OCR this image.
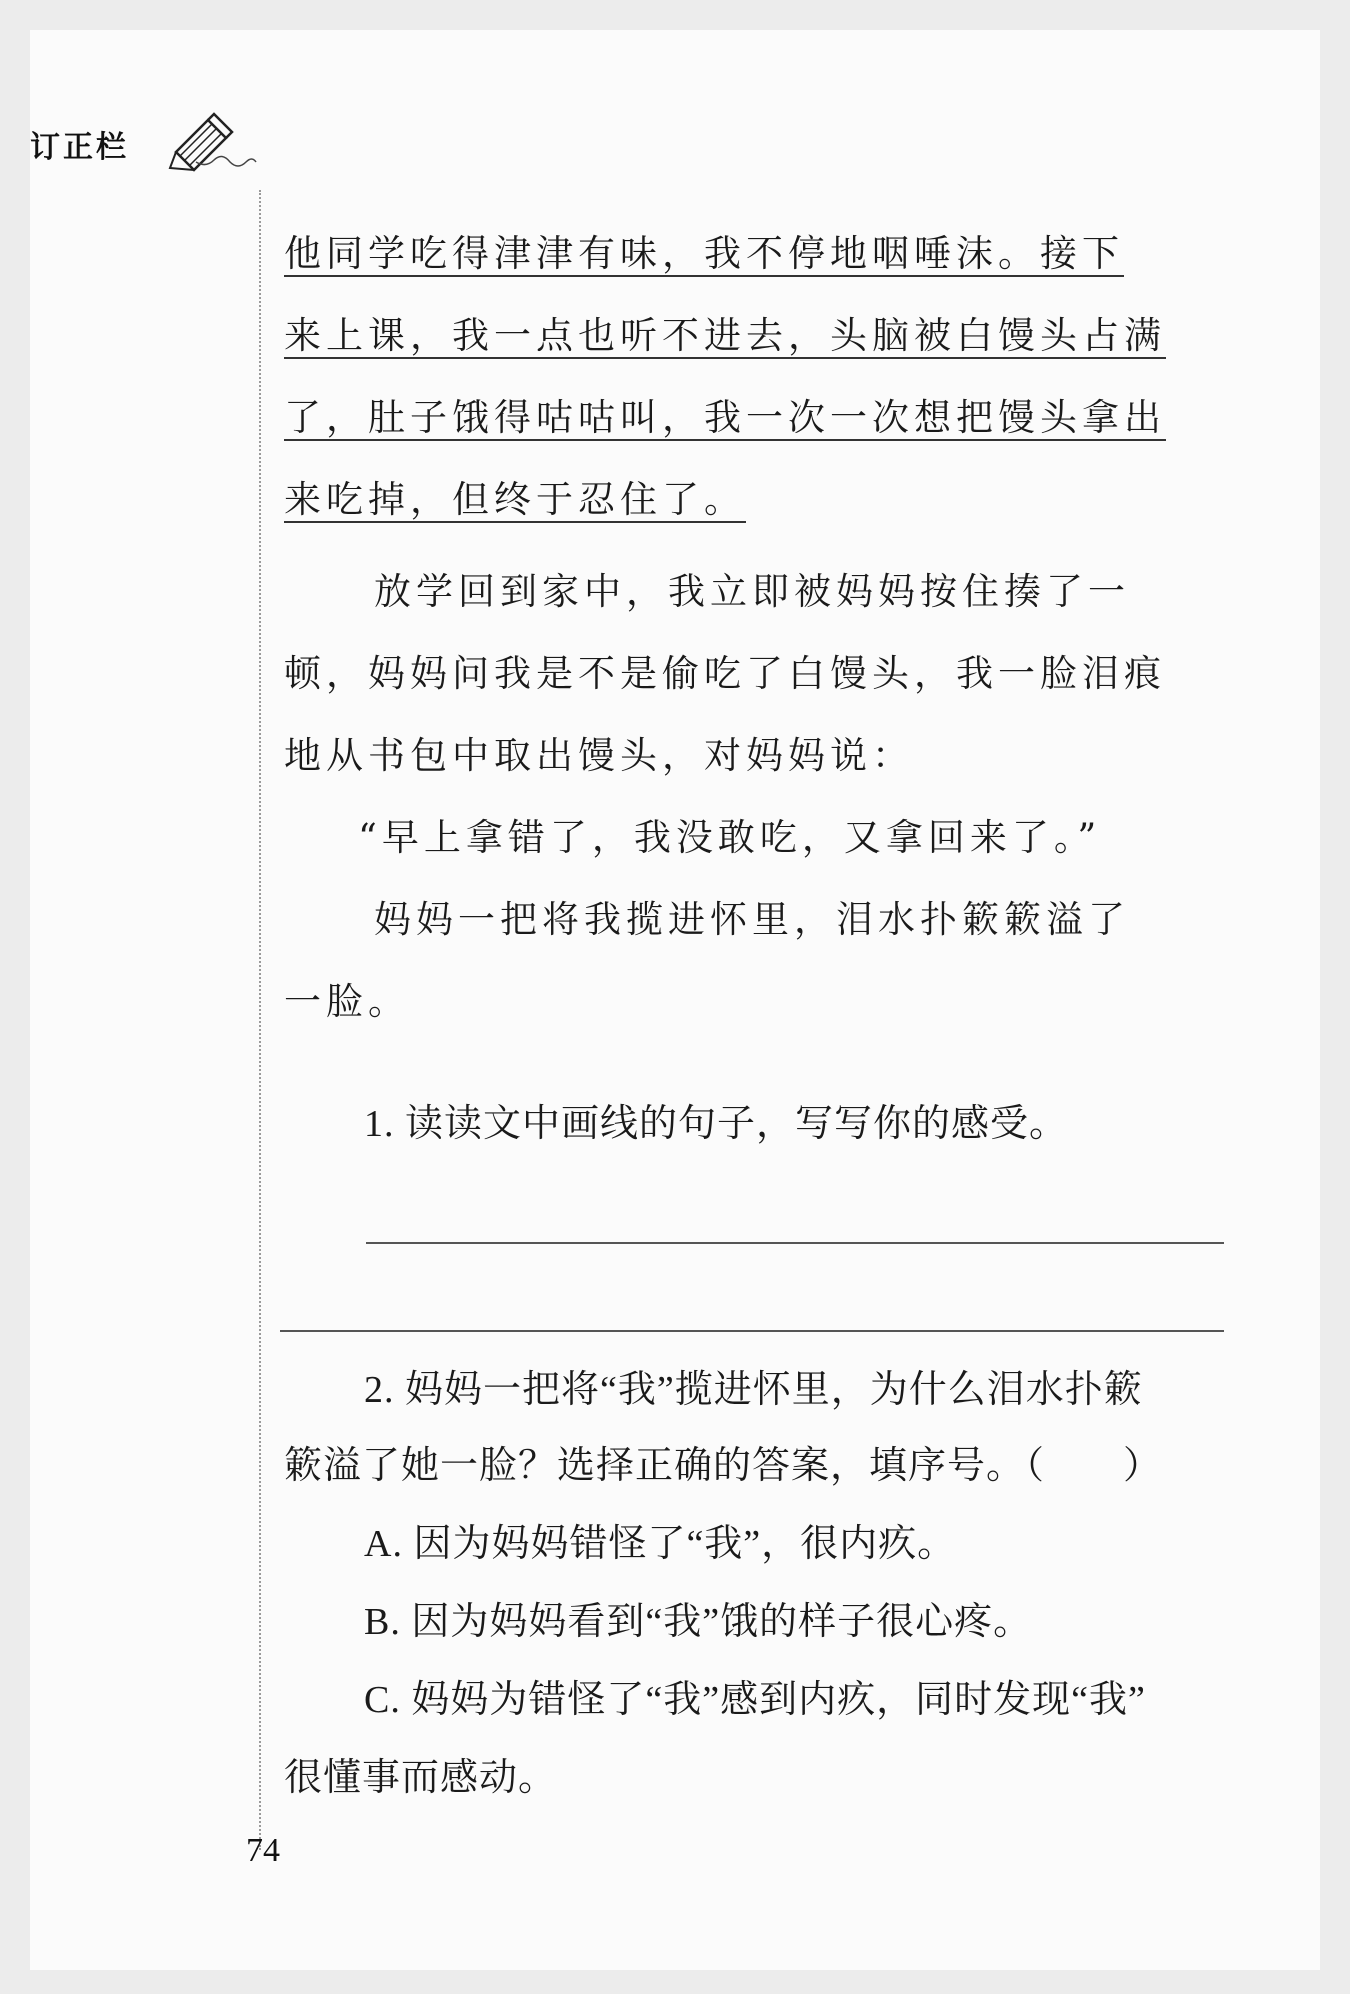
订正栏
他同学吃得津津有味，我不停地咽唾沫。接下
来上课，我一点也听不进去，头脑被白馒头占满
了，肚子饿得咕咕叫，我一次一次想把馒头拿出
来吃掉，但终于忍住了。
放学回到家中，我立即被妈妈按住揍了一
顿，妈妈问我是不是偷吃了白馒头，我一脸泪痕
地从书包中取出馒头，对妈妈说：
“早上拿错了，我没敢吃，又拿回来了。”
妈妈一把将我揽进怀里，泪水扑簌簌溢了
一脸。
1. 读读文中画线的句子，写写你的感受。
2. 妈妈一把将“我”揽进怀里，为什么泪水扑簌
簌溢了她一脸？选择正确的答案，填序号。（　　）
A. 因为妈妈错怪了“我”，很内疚。
B. 因为妈妈看到“我”饿的样子很心疼。
C. 妈妈为错怪了“我”感到内疚，同时发现“我”
很懂事而感动。
74
